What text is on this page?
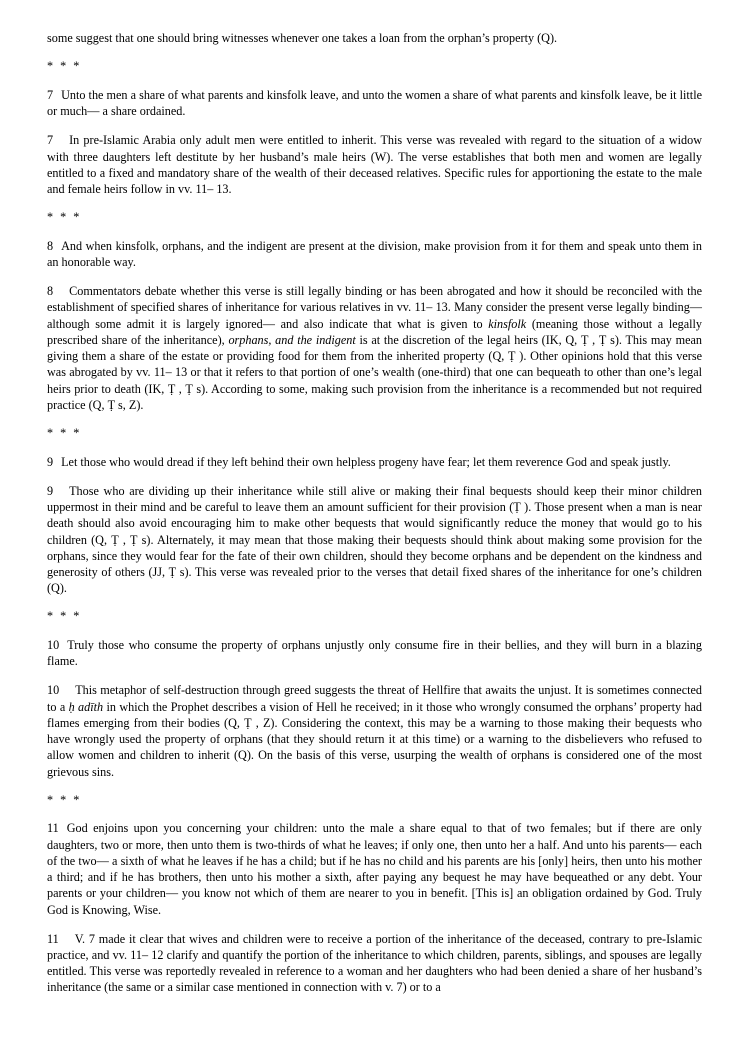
some suggest that one should bring witnesses whenever one takes a loan from the orphan’s property (Q).

* * *

7 Unto the men a share of what parents and kinsfolk leave, and unto the women a share of what parents and kinsfolk leave, be it little or much— a share ordained.

7 In pre-Islamic Arabia only adult men were entitled to inherit. This verse was revealed with regard to the situation of a widow with three daughters left destitute by her husband’s male heirs (W). The verse establishes that both men and women are legally entitled to a fixed and mandatory share of the wealth of their deceased relatives. Specific rules for apportioning the estate to the male and female heirs follow in vv. 11– 13.

* * *

8 And when kinsfolk, orphans, and the indigent are present at the division, make provision from it for them and speak unto them in an honorable way.

8 Commentators debate whether this verse is still legally binding or has been abrogated and how it should be reconciled with the establishment of specified shares of inheritance for various relatives in vv. 11– 13. Many consider the present verse legally binding— although some admit it is largely ignored— and also indicate that what is given to kinsfolk (meaning those without a legally prescribed share of the inheritance), orphans, and the indigent is at the discretion of the legal heirs (IK, Q, Ṭ , Ṭ s). This may mean giving them a share of the estate or providing food for them from the inherited property (Q, Ṭ ). Other opinions hold that this verse was abrogated by vv. 11– 13 or that it refers to that portion of one’s wealth (one-third) that one can bequeath to other than one’s legal heirs prior to death (IK, Ṭ , Ṭ s). According to some, making such provision from the inheritance is a recommended but not required practice (Q, Ṭ s, Z).

* * *

9 Let those who would dread if they left behind their own helpless progeny have fear; let them reverence God and speak justly.

9 Those who are dividing up their inheritance while still alive or making their final bequests should keep their minor children uppermost in their mind and be careful to leave them an amount sufficient for their provision (Ṭ ). Those present when a man is near death should also avoid encouraging him to make other bequests that would significantly reduce the money that would go to his children (Q, Ṭ , Ṭ s). Alternately, it may mean that those making their bequests should think about making some provision for the orphans, since they would fear for the fate of their own children, should they become orphans and be dependent on the kindness and generosity of others (JJ, Ṭ s). This verse was revealed prior to the verses that detail fixed shares of the inheritance for one’s children (Q).

* * *

10 Truly those who consume the property of orphans unjustly only consume fire in their bellies, and they will burn in a blazing flame.

10 This metaphor of self-destruction through greed suggests the threat of Hellfire that awaits the unjust. It is sometimes connected to a ḥ adīth in which the Prophet describes a vision of Hell he received; in it those who wrongly consumed the orphans’ property had flames emerging from their bodies (Q, Ṭ , Z). Considering the context, this may be a warning to those making their bequests who have wrongly used the property of orphans (that they should return it at this time) or a warning to the disbelievers who refused to allow women and children to inherit (Q). On the basis of this verse, usurping the wealth of orphans is considered one of the most grievous sins.

* * *

11 God enjoins upon you concerning your children: unto the male a share equal to that of two females; but if there are only daughters, two or more, then unto them is two-thirds of what he leaves; if only one, then unto her a half. And unto his parents— each of the two— a sixth of what he leaves if he has a child; but if he has no child and his parents are his [only] heirs, then unto his mother a third; and if he has brothers, then unto his mother a sixth, after paying any bequest he may have bequeathed or any debt. Your parents or your children— you know not which of them are nearer to you in benefit. [This is] an obligation ordained by God. Truly God is Knowing, Wise.

11 V. 7 made it clear that wives and children were to receive a portion of the inheritance of the deceased, contrary to pre-Islamic practice, and vv. 11– 12 clarify and quantify the portion of the inheritance to which children, parents, siblings, and spouses are legally entitled. This verse was reportedly revealed in reference to a woman and her daughters who had been denied a share of her husband’s inheritance (the same or a similar case mentioned in connection with v. 7) or to a
